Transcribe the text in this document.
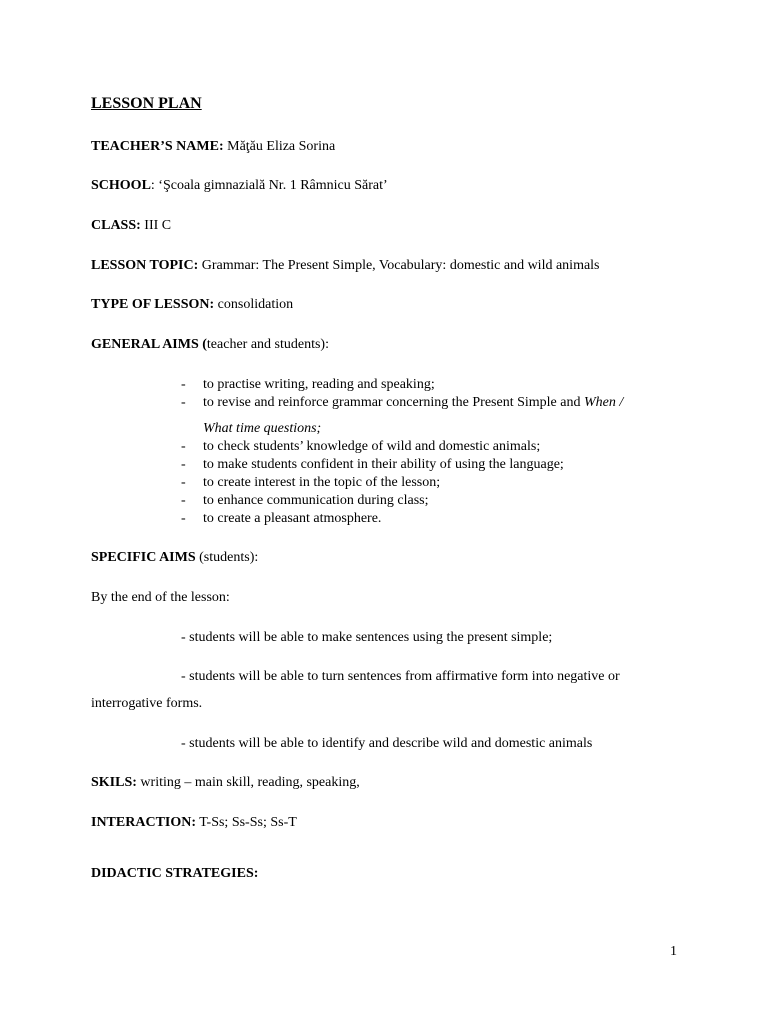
LESSON PLAN
TEACHER’S NAME: Măţău Eliza Sorina
SCHOOL: ‘Şcoala gimnazială Nr. 1 Râmnicu Sărat’
CLASS: III C
LESSON TOPIC: Grammar: The Present Simple, Vocabulary: domestic and wild animals
TYPE OF LESSON: consolidation
GENERAL AIMS (teacher and students):
- to practise writing, reading and speaking;
- to revise and reinforce grammar concerning the Present Simple and When /
What time questions;
- to check students’ knowledge of wild and domestic animals;
- to make students confident in their ability of using the language;
- to create interest in the topic of the lesson;
- to enhance communication during class;
- to create a pleasant atmosphere.
SPECIFIC AIMS (students):
By the end of the lesson:
- students will be able to make sentences using the present simple;
- students will be able to turn sentences from affirmative form into negative or
interrogative forms.
- students will be able to identify and describe wild and domestic animals
SKILS: writing – main skill, reading, speaking,
INTERACTION: T-Ss; Ss-Ss; Ss-T
DIDACTIC STRATEGIES:
1
